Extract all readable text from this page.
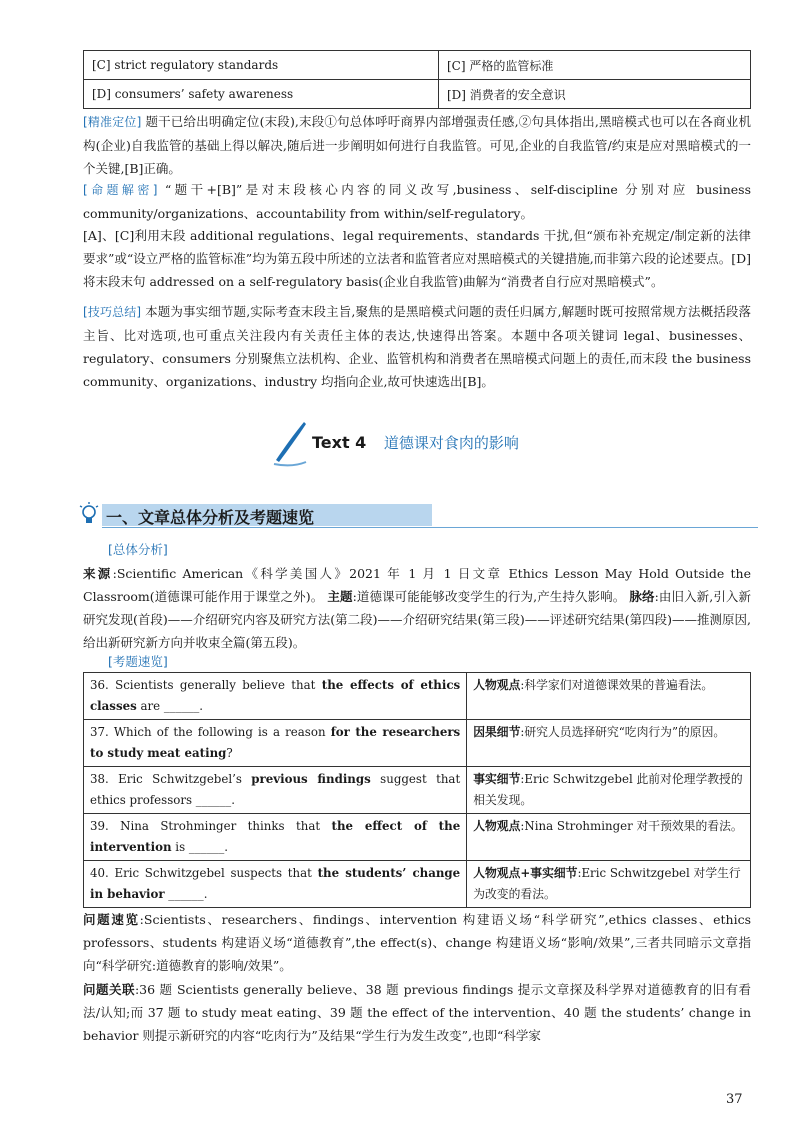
[C] strict regulatory standards	[C] 严格的监管标准
[D] consumers’ safety awareness	[D] 消费者的安全意识

[精准定位] 题干已给出明确定位(末段),末段①句总体呼吁商界内部增强责任感,②句具体指出,黑暗模式也可以在各商业机构(企业)自我监管的基础上得以解决,随后进一步阐明如何进行自我监管。可见,企业的自我监管/约束是应对黑暗模式的一个关键,[B]正确。

[命题解密] “题干+[B]”是对末段核心内容的同义改写,business、self-discipline 分别对应 business community/organizations、accountability from within/self-regulatory。

[A]、[C]利用末段 additional regulations、legal requirements、standards 干扰,但“颁布补充规定/制定新的法律要求”或“设立严格的监管标准”均为第五段中所述的立法者和监管者应对黑暗模式的关键措施,而非第六段的论述要点。[D]将末段末句 addressed on a self-regulatory basis(企业自我监管)曲解为“消费者自行应对黑暗模式”。

[技巧总结] 本题为事实细节题,实际考查末段主旨,聚焦的是黑暗模式问题的责任归属方,解题时既可按照常规方法概括段落主旨、比对选项,也可重点关注段内有关责任主体的表达,快速得出答案。本题中各项关键词 legal、businesses、regulatory、consumers 分别聚焦立法机构、企业、监管机构和消费者在黑暗模式问题上的责任,而末段 the business community、organizations、industry 均指向企业,故可快速选出[B]。

Text 4 道德课对食肉的影响
一、文章总体分析及考题速览
[总体分析]

来源:Scientific American《科学美国人》2021 年 1 月 1 日文章 Ethics Lesson May Hold Outside the Classroom(道德课可能作用于课堂之外)。 主题:道德课可能能够改变学生的行为,产生持久影响。 脉络:由旧入新,引入新研究发现(首段)——介绍研究内容及研究方法(第二段)——介绍研究结果(第三段)——评述研究结果(第四段)——推测原因,给出新研究新方向并收束全篇(第五段)。

[考题速览]
36. Scientists generally believe that the effects of ethics classes are ______.	人物观点:科学家们对道德课效果的普遍看法。
37. Which of the following is a reason for the researchers to study meat eating?	因果细节:研究人员选择研究“吃肉行为”的原因。
38. Eric Schwitzgebel’s previous findings suggest that ethics professors ______.	事实细节:Eric Schwitzgebel 此前对伦理学教授的相关发现。
39. Nina Strohminger thinks that the effect of the intervention is ______.	人物观点:Nina Strohminger 对干预效果的看法。
40. Eric Schwitzgebel suspects that the students’ change in behavior ______.	人物观点+事实细节:Eric Schwitzgebel 对学生行为改变的看法。

问题速览:Scientists、researchers、findings、intervention 构建语义场“科学研究”,ethics classes、ethics professors、students 构建语义场“道德教育”,the effect(s)、change 构建语义场“影响/效果”,三者共同暗示文章指向“科学研究:道德教育的影响/效果”。

问题关联:36 题 Scientists generally believe、38 题 previous findings 提示文章探及科学界对道德教育的旧有看法/认知;而 37 题 to study meat eating、39 题 the effect of the intervention、40 题 the students’ change in behavior 则提示新研究的内容“吃肉行为”及结果“学生行为发生改变”,也即“科学家

37
